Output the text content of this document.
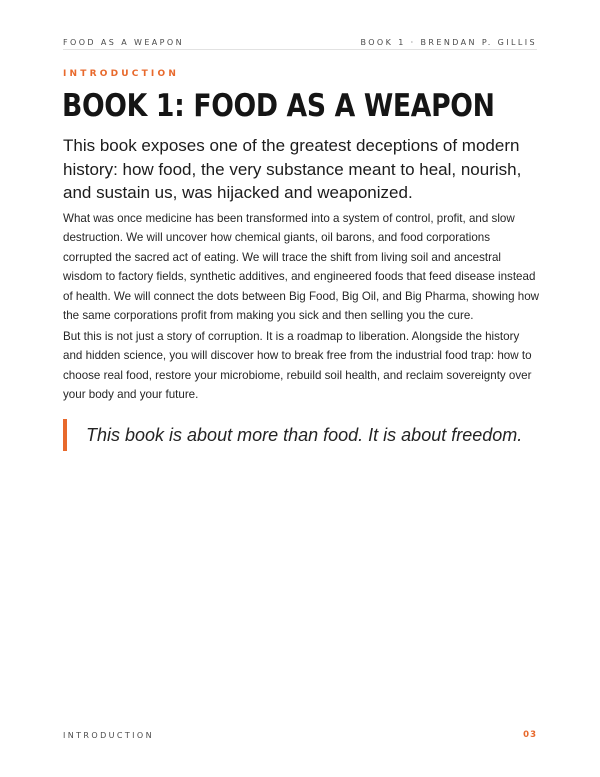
FOOD AS A WEAPON	BOOK 1 · BRENDAN P. GILLIS
INTRODUCTION
BOOK 1: FOOD AS A WEAPON

This book exposes one of the greatest deceptions of modern history: how food, the very substance meant to heal, nourish, and sustain us, was hijacked and weaponized.

What was once medicine has been transformed into a system of control, profit, and slow destruction. We will uncover how chemical giants, oil barons, and food corporations corrupted the sacred act of eating. We will trace the shift from living soil and ancestral wisdom to factory fields, synthetic additives, and engineered foods that feed disease instead of health. We will connect the dots between Big Food, Big Oil, and Big Pharma, showing how the same corporations profit from making you sick and then selling you the cure.

But this is not just a story of corruption. It is a roadmap to liberation. Alongside the history and hidden science, you will discover how to break free from the industrial food trap: how to choose real food, restore your microbiome, rebuild soil health, and reclaim sovereignty over your body and your future.

This book is about more than food. It is about freedom.
INTRODUCTION	03
